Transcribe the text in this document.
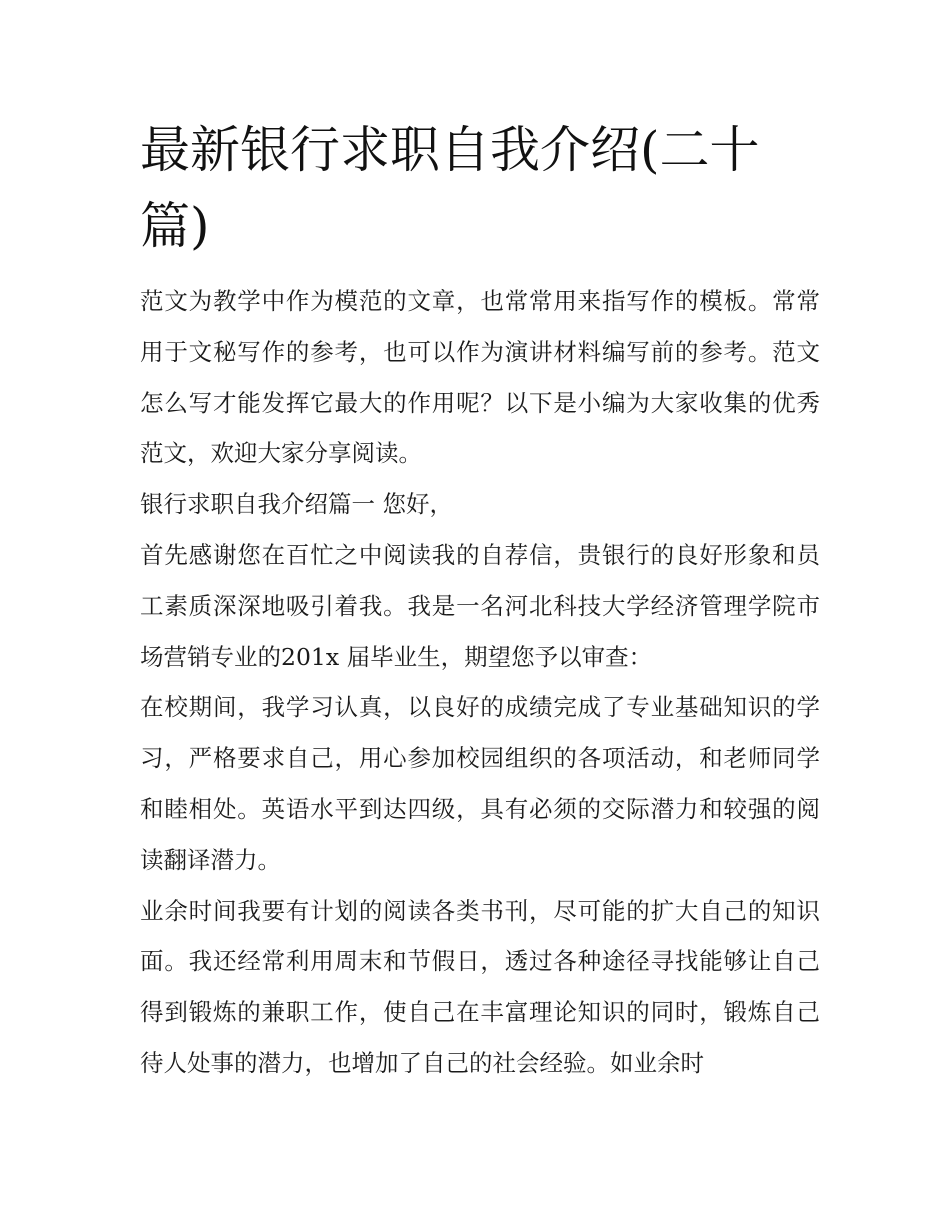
最新银行求职自我介绍(二十篇)

范文为教学中作为模范的文章，也常常用来指写作的模板。常常用于文秘写作的参考，也可以作为演讲材料编写前的参考。范文怎么写才能发挥它最大的作用呢？以下是小编为大家收集的优秀范文，欢迎大家分享阅读。

银行求职自我介绍篇一 您好，

首先感谢您在百忙之中阅读我的自荐信，贵银行的良好形象和员工素质深深地吸引着我。我是一名河北科技大学经济管理学院市场营销专业的201x 届毕业生，期望您予以审查：

在校期间，我学习认真，以良好的成绩完成了专业基础知识的学习，严格要求自己，用心参加校园组织的各项活动，和老师同学和睦相处。英语水平到达四级，具有必须的交际潜力和较强的阅读翻译潜力。

业余时间我要有计划的阅读各类书刊，尽可能的扩大自己的知识面。我还经常利用周末和节假日，透过各种途径寻找能够让自己得到锻炼的兼职工作，使自己在丰富理论知识的同时，锻炼自己待人处事的潜力，也增加了自己的社会经验。如业余时
